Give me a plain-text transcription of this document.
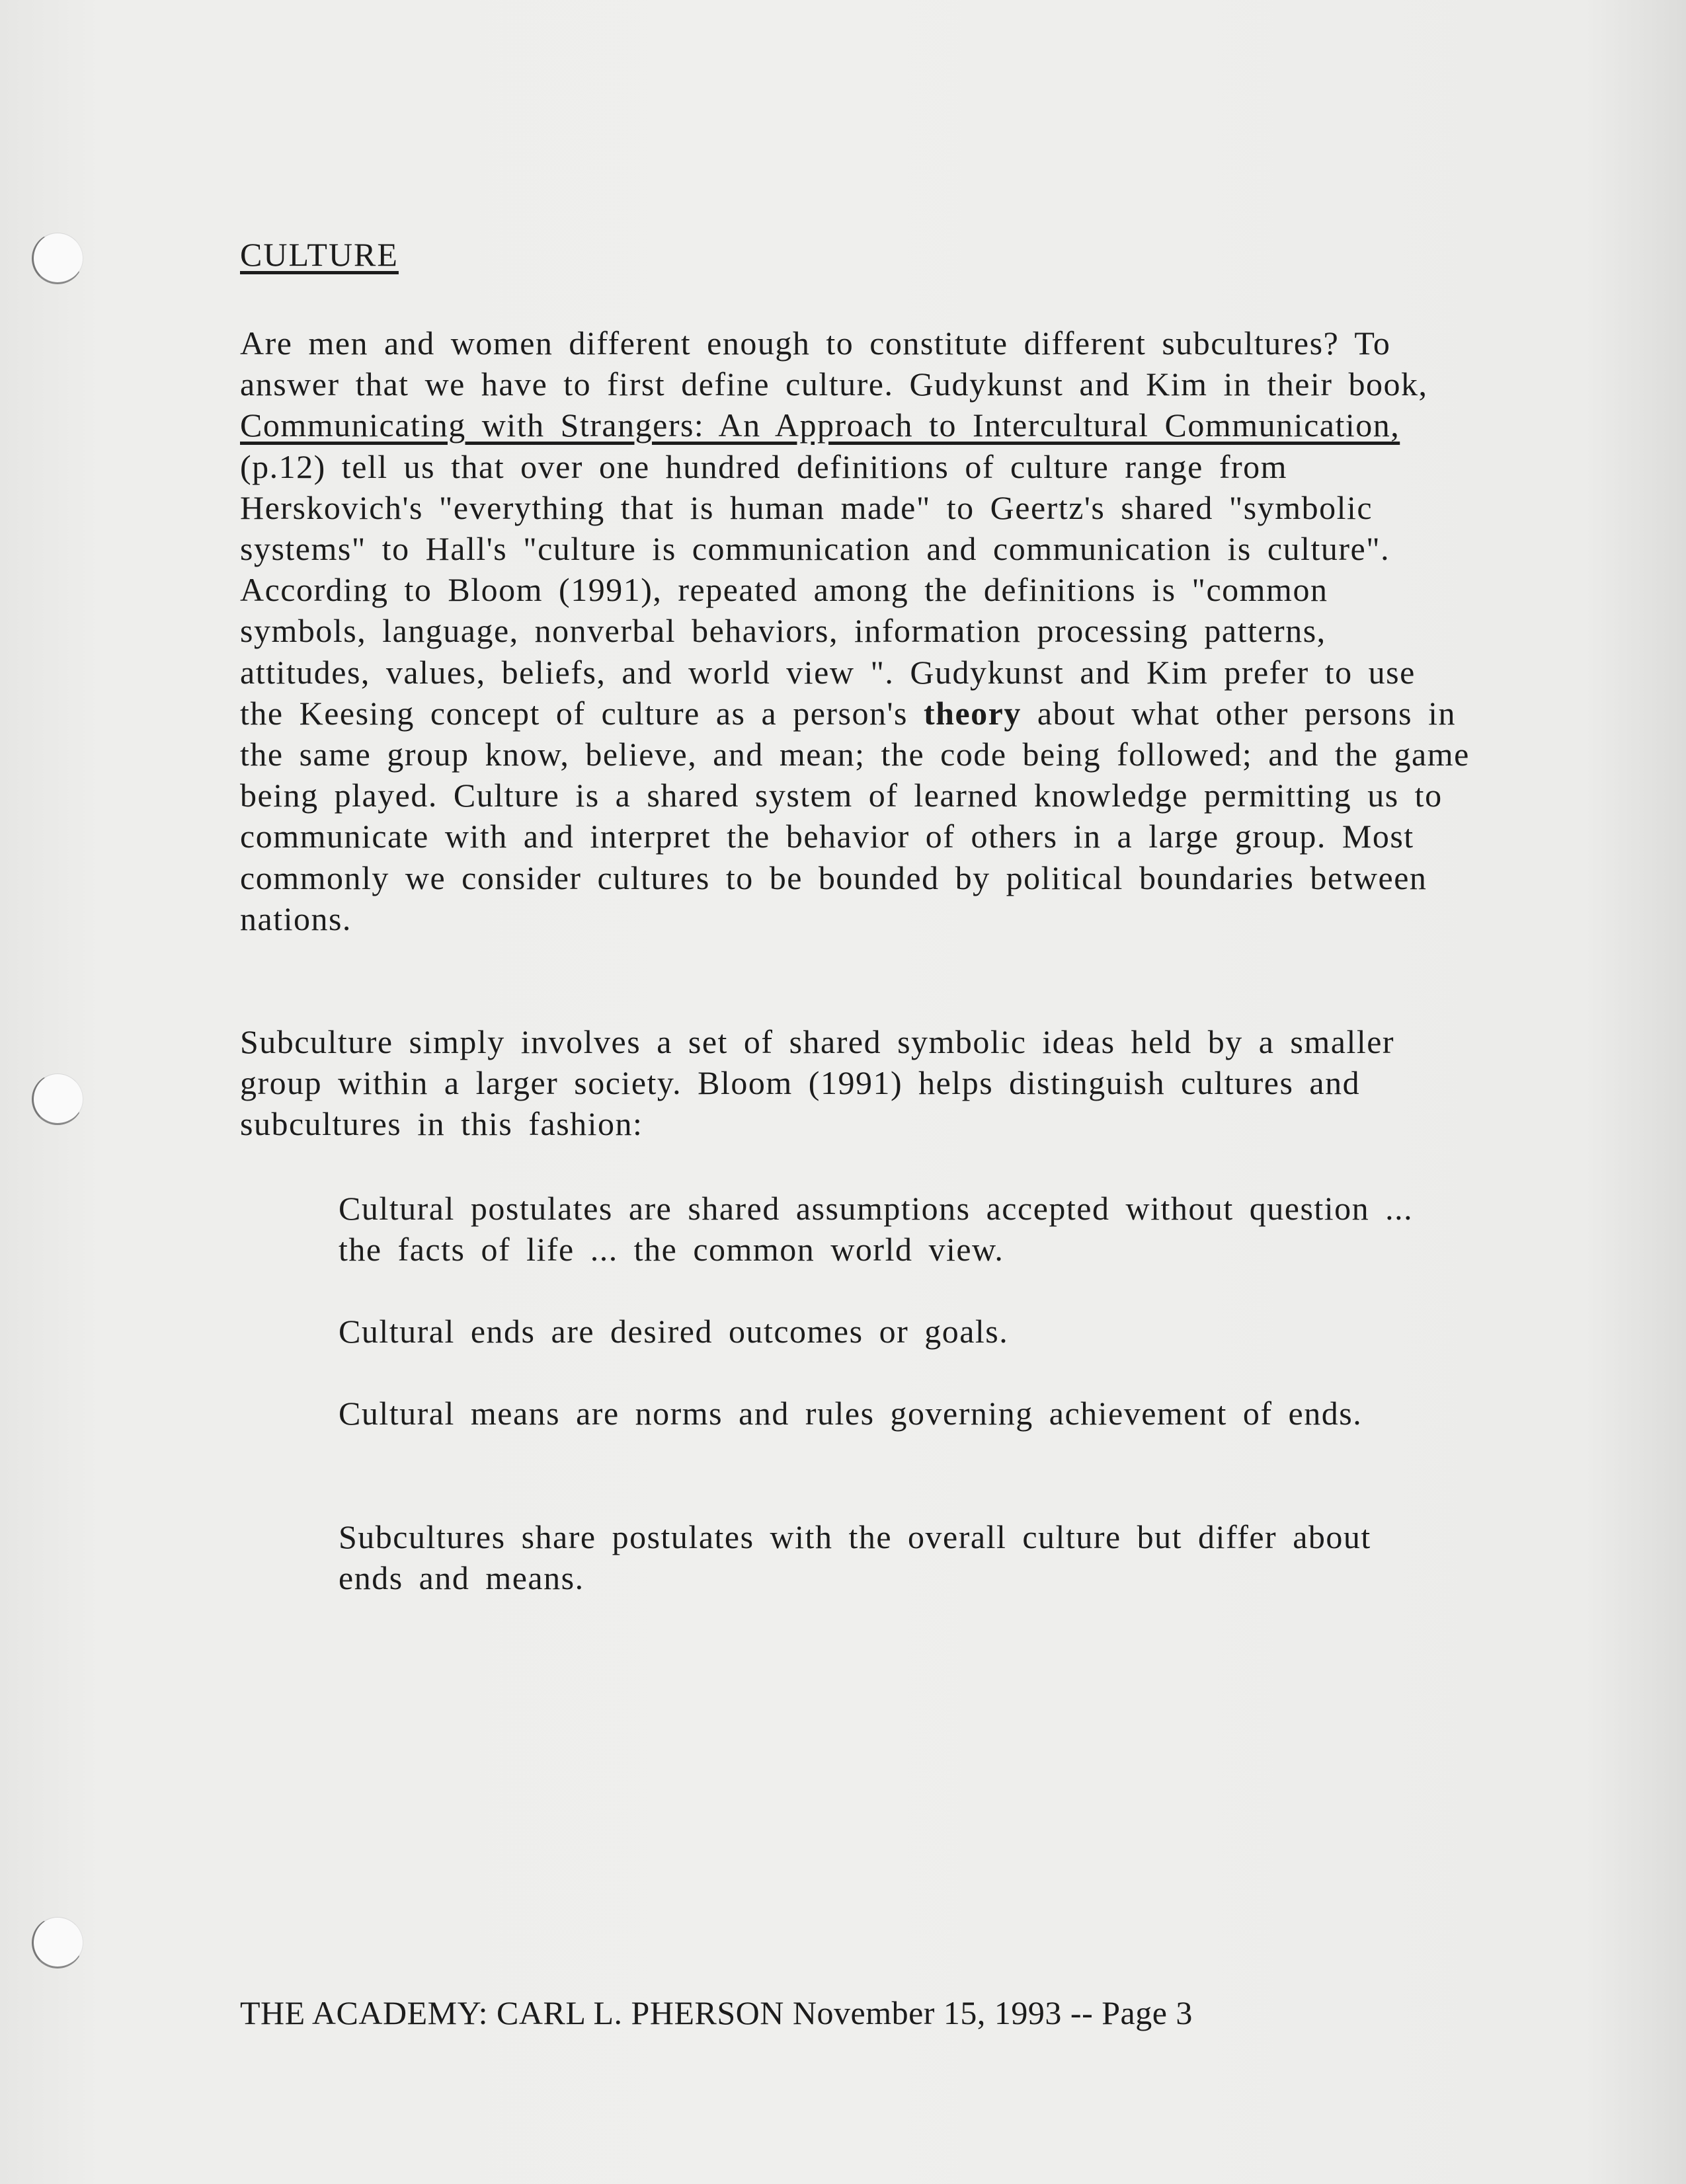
CULTURE
Are men and women different enough to constitute different subcultures? To answer that we have to first define culture. Gudykunst and Kim in their book, Communicating with Strangers: An Approach to Intercultural Communication, (p.12) tell us that over one hundred definitions of culture range from Herskovich's "everything that is human made" to Geertz's shared "symbolic systems" to Hall's "culture is communication and communication is culture". According to Bloom (1991), repeated among the definitions is "common symbols, language, nonverbal behaviors, information processing patterns, attitudes, values, beliefs, and world view ". Gudykunst and Kim prefer to use the Keesing concept of culture as a person's theory about what other persons in the same group know, believe, and mean; the code being followed; and the game being played. Culture is a shared system of learned knowledge permitting us to communicate with and interpret the behavior of others in a large group. Most commonly we consider cultures to be bounded by political boundaries between nations.
Subculture simply involves a set of shared symbolic ideas held by a smaller group within a larger society. Bloom (1991) helps distinguish cultures and subcultures in this fashion:
Cultural postulates are shared assumptions accepted without question ... the facts of life ... the common world view.
Cultural ends are desired outcomes or goals.
Cultural means are norms and rules governing achievement of ends.
Subcultures share postulates with the overall culture but differ about ends and means.
THE ACADEMY: CARL L. PHERSON November 15, 1993 -- Page 3
